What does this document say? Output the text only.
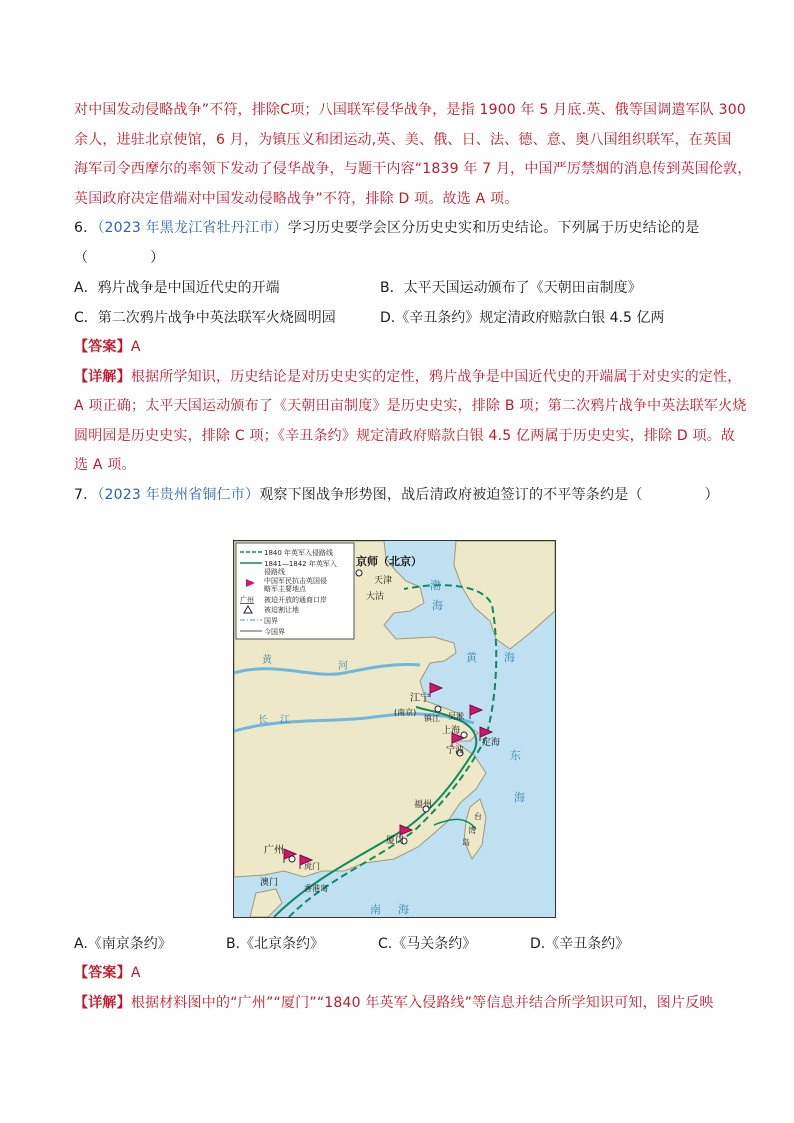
对中国发动侵略战争”不符，排除C项；八国联军侵华战争，是指 1900 年 5 月底.英、俄等国调遣军队 300
余人，进驻北京使馆，6 月，为镇压义和团运动,英、美、俄、日、法、德、意、奥八国组织联军，在英国
海军司令西摩尔的率领下发动了侵华战争，与题干内容“1839 年 7 月，中国严厉禁烟的消息传到英国伦敦，
英国政府决定借端对中国发动侵略战争”不符，排除 D 项。故选 A 项。
6．（2023 年黑龙江省牡丹江市）学习历史要学会区分历史史实和历史结论。下列属于历史结论的是
（	）
A．鸦片战争是中国近代史的开端	B．太平天国运动颁布了《天朝田亩制度》
C．第二次鸦片战争中英法联军火烧圆明园	D.《辛丑条约》规定清政府赔款白银 4.5 亿两
【答案】A
【详解】根据所学知识，历史结论是对历史史实的定性，鸦片战争是中国近代史的开端属于对史实的定性，
A 项正确；太平天国运动颁布了《天朝田亩制度》是历史史实，排除 B 项；第二次鸦片战争中英法联军火烧
圆明园是历史史实，排除 C 项；《辛丑条约》规定清政府赔款白银 4.5 亿两属于历史史实，排除 D 项。故
选 A 项。
7．（2023 年贵州省铜仁市）观察下图战争形势图，战后清政府被迫签订的不平等条约是（	）
1840 年英军入侵路线
1841—1842 年英军入
侵路线
中国军民抗击英国侵
略军主要地点
广州 被迫开放的通商口岸
被迫割让地
国界
今国界
京师（北京）
天津
大沽
江宁
(南京)
镇江 吴淞
上海
宁波
定海
福州
厦门
广州
虎门
澳门
香港岛
台
湾
岛
渤
海
黄 海
东
海
南 海
黄
河
长 江
A.《南京条约》	B.《北京条约》	C.《马关条约》	D.《辛丑条约》
【答案】A
【详解】根据材料图中的“广州”“厦门”“1840 年英军入侵路线”等信息并结合所学知识可知，图片反映
